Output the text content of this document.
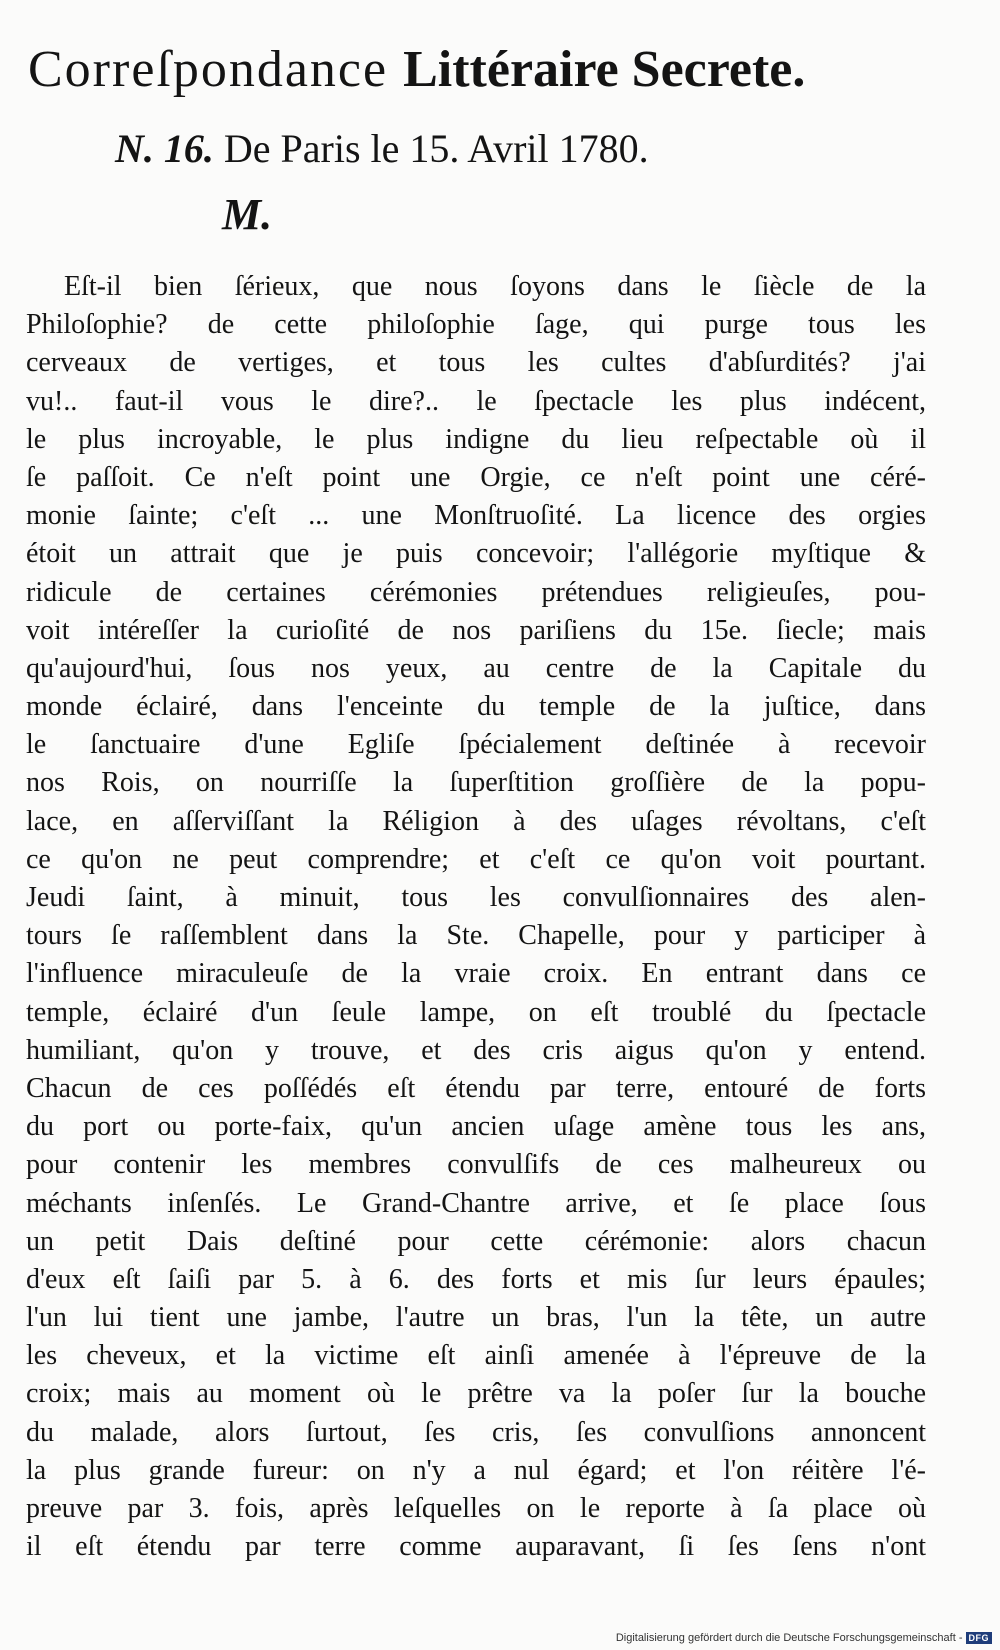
Correſpondance Littéraire Secrete.
N. 16. De Paris le 15. Avril 1780.
M.
Eſt-il bien ſérieux, que nous ſoyons dans le ſiècle de la
Philoſophie? de cette philoſophie ſage, qui purge tous les
cerveaux de vertiges, et tous les cultes d'abſurdités? j'ai
vu!.. faut-il vous le dire?.. le ſpectacle les plus indécent,
le plus incroyable, le plus indigne du lieu reſpectable où il
ſe paſſoit. Ce n'eſt point une Orgie, ce n'eſt point une céré-
monie ſainte; c'eſt ... une Monſtruoſité. La licence des orgies
étoit un attrait que je puis concevoir; l'allégorie myſtique &
ridicule de certaines cérémonies prétendues religieuſes, pou-
voit intéreſſer la curioſité de nos pariſiens du 15e. ſiecle; mais
qu'aujourd'hui, ſous nos yeux, au centre de la Capitale du
monde éclairé, dans l'enceinte du temple de la juſtice, dans
le ſanctuaire d'une Egliſe ſpécialement deſtinée à recevoir
nos Rois, on nourriſſe la ſuperſtition groſſière de la popu-
lace, en aſſerviſſant la Réligion à des uſages révoltans, c'eſt
ce qu'on ne peut comprendre; et c'eſt ce qu'on voit pourtant.
Jeudi ſaint, à minuit, tous les convulſionnaires des alen-
tours ſe raſſemblent dans la Ste. Chapelle, pour y participer à
l'influence miraculeuſe de la vraie croix. En entrant dans ce
temple, éclairé d'un ſeule lampe, on eſt troublé du ſpectacle
humiliant, qu'on y trouve, et des cris aigus qu'on y entend.
Chacun de ces poſſédés eſt étendu par terre, entouré de forts
du port ou porte-faix, qu'un ancien uſage amène tous les ans,
pour contenir les membres convulſifs de ces malheureux ou
méchants inſenſés. Le Grand-Chantre arrive, et ſe place ſous
un petit Dais deſtiné pour cette cérémonie: alors chacun
d'eux eſt ſaiſi par 5. à 6. des forts et mis ſur leurs épaules;
l'un lui tient une jambe, l'autre un bras, l'un la tête, un autre
les cheveux, et la victime eſt ainſi amenée à l'épreuve de la
croix; mais au moment où le prêtre va la poſer ſur la bouche
du malade, alors ſurtout, ſes cris, ſes convulſions annoncent
la plus grande fureur: on n'y a nul égard; et l'on réitère l'é-
preuve par 3. fois, après leſquelles on le reporte à ſa place où
il eſt étendu par terre comme auparavant, ſi ſes ſens n'ont
Digitalisierung gefördert durch die Deutsche Forschungsgemeinschaft - DFG
